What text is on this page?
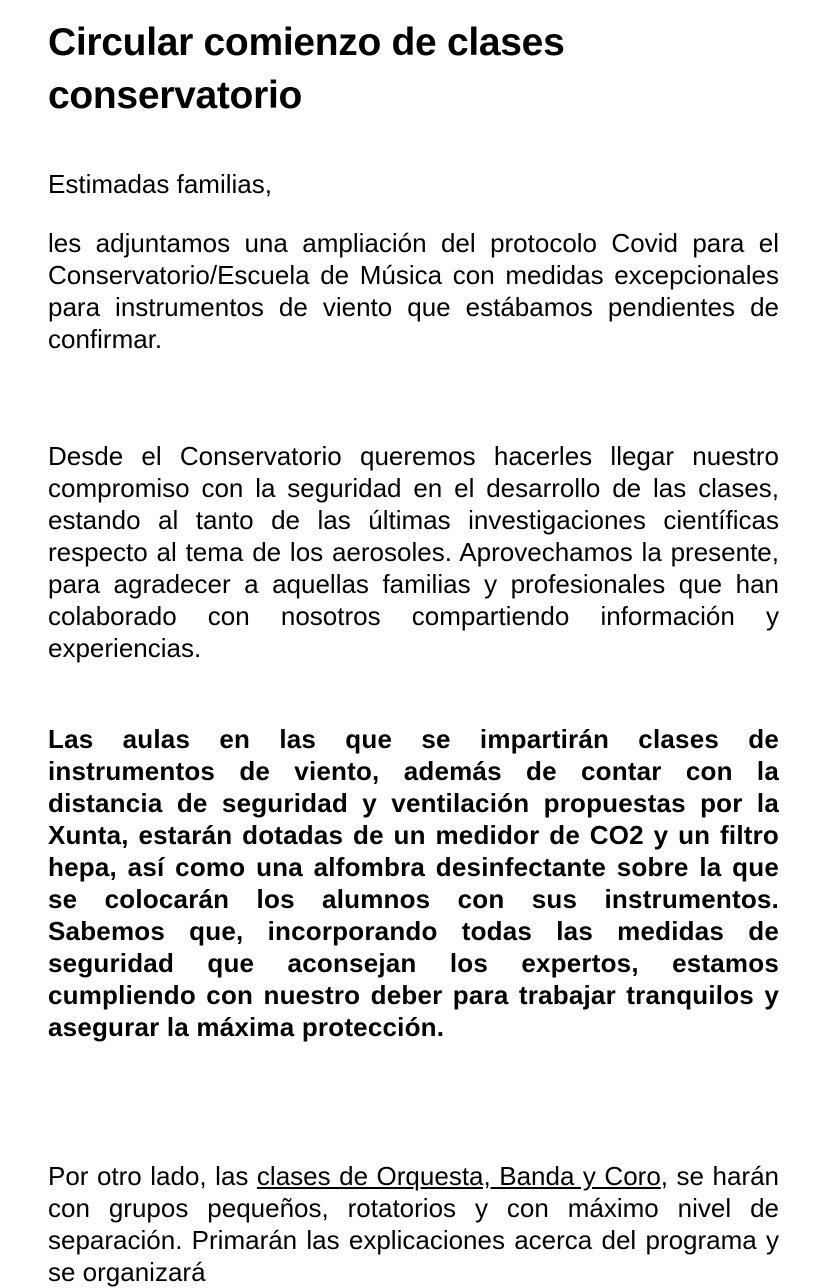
Circular comienzo de clases conservatorio

Estimadas familias,

les adjuntamos una ampliación del protocolo Covid para el Conservatorio/Escuela de Música con medidas excepcionales para instrumentos de viento que estábamos pendientes de confirmar.

Desde el Conservatorio queremos hacerles llegar nuestro compromiso con la seguridad en el desarrollo de las clases, estando al tanto de las últimas investigaciones científicas respecto al tema de los aerosoles. Aprovechamos la presente, para agradecer a aquellas familias y profesionales que han colaborado con nosotros compartiendo información y experiencias.

Las aulas en las que se impartirán clases de instrumentos de viento, además de contar con la distancia de seguridad y ventilación propuestas por la Xunta, estarán dotadas de un medidor de CO2 y un filtro hepa, así como una alfombra desinfectante sobre la que se colocarán los alumnos con sus instrumentos. Sabemos que, incorporando todas las medidas de seguridad que aconsejan los expertos, estamos cumpliendo con nuestro deber para trabajar tranquilos y asegurar la máxima protección.

Por otro lado, las clases de Orquesta, Banda y Coro, se harán con grupos pequeños, rotatorios y con máximo nivel de separación. Primarán las explicaciones acerca del programa y se organizará
